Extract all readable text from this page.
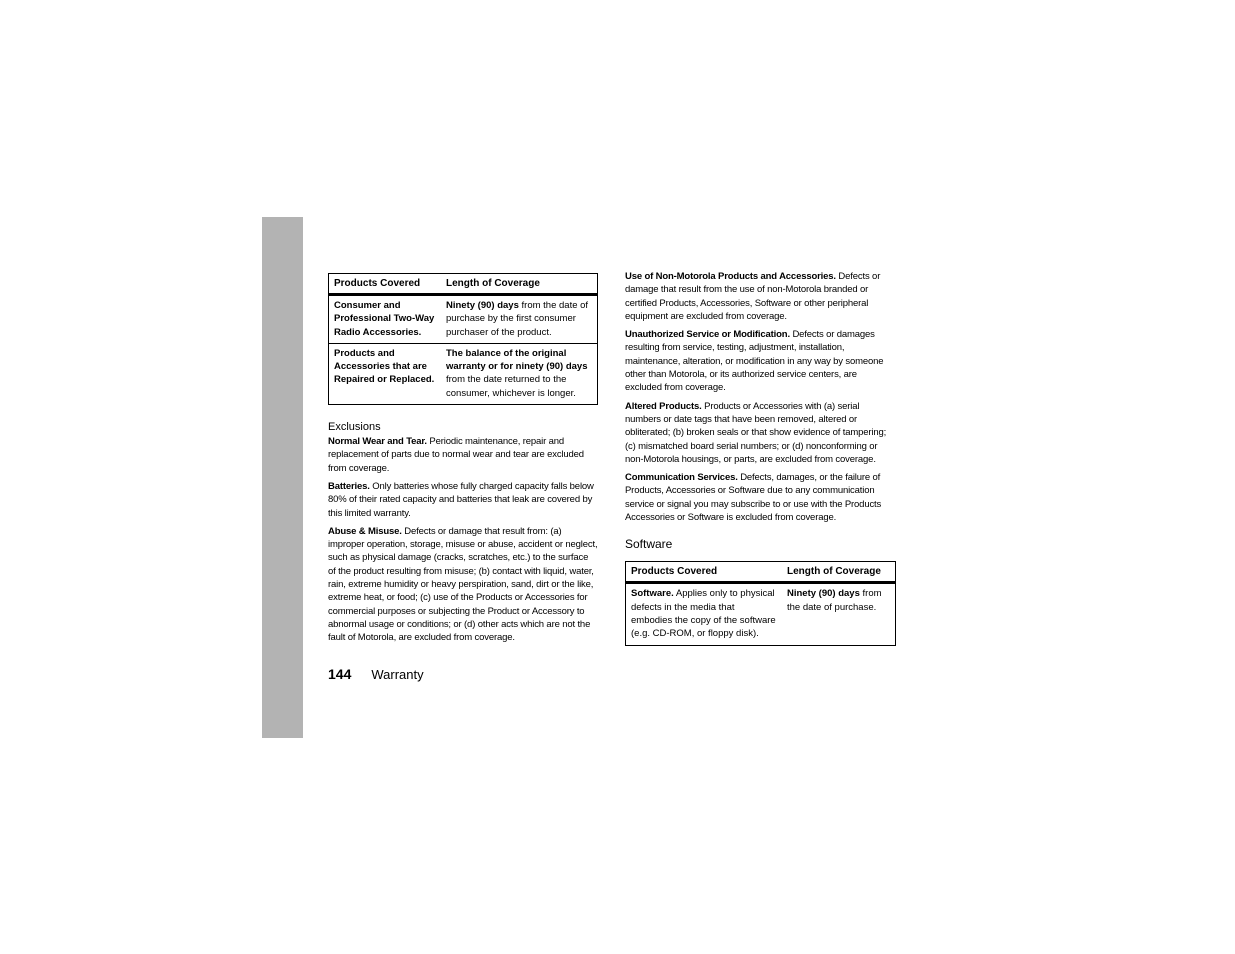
Products Covered	Length of Coverage
Consumer and Professional Two-Way Radio Accessories.	Ninety (90) days from the date of purchase by the first consumer purchaser of the product.
Products and Accessories that are Repaired or Replaced.	The balance of the original warranty or for ninety (90) days from the date returned to the consumer, whichever is longer.

Exclusions

Normal Wear and Tear. Periodic maintenance, repair and replacement of parts due to normal wear and tear are excluded from coverage.

Batteries. Only batteries whose fully charged capacity falls below 80% of their rated capacity and batteries that leak are covered by this limited warranty.

Abuse & Misuse. Defects or damage that result from: (a) improper operation, storage, misuse or abuse, accident or neglect, such as physical damage (cracks, scratches, etc.) to the surface of the product resulting from misuse; (b) contact with liquid, water, rain, extreme humidity or heavy perspiration, sand, dirt or the like, extreme heat, or food; (c) use of the Products or Accessories for commercial purposes or subjecting the Product or Accessory to abnormal usage or conditions; or (d) other acts which are not the fault of Motorola, are excluded from coverage.

Use of Non-Motorola Products and Accessories. Defects or damage that result from the use of non-Motorola branded or certified Products, Accessories, Software or other peripheral equipment are excluded from coverage.

Unauthorized Service or Modification. Defects or damages resulting from service, testing, adjustment, installation, maintenance, alteration, or modification in any way by someone other than Motorola, or its authorized service centers, are excluded from coverage.

Altered Products. Products or Accessories with (a) serial numbers or date tags that have been removed, altered or obliterated; (b) broken seals or that show evidence of tampering; (c) mismatched board serial numbers; or (d) nonconforming or non-Motorola housings, or parts, are excluded from coverage.

Communication Services. Defects, damages, or the failure of Products, Accessories or Software due to any communication service or signal you may subscribe to or use with the Products Accessories or Software is excluded from coverage.

Software

Products Covered	Length of Coverage
Software. Applies only to physical defects in the media that embodies the copy of the software (e.g. CD-ROM, or floppy disk).	Ninety (90) days from the date of purchase.
144 Warranty
